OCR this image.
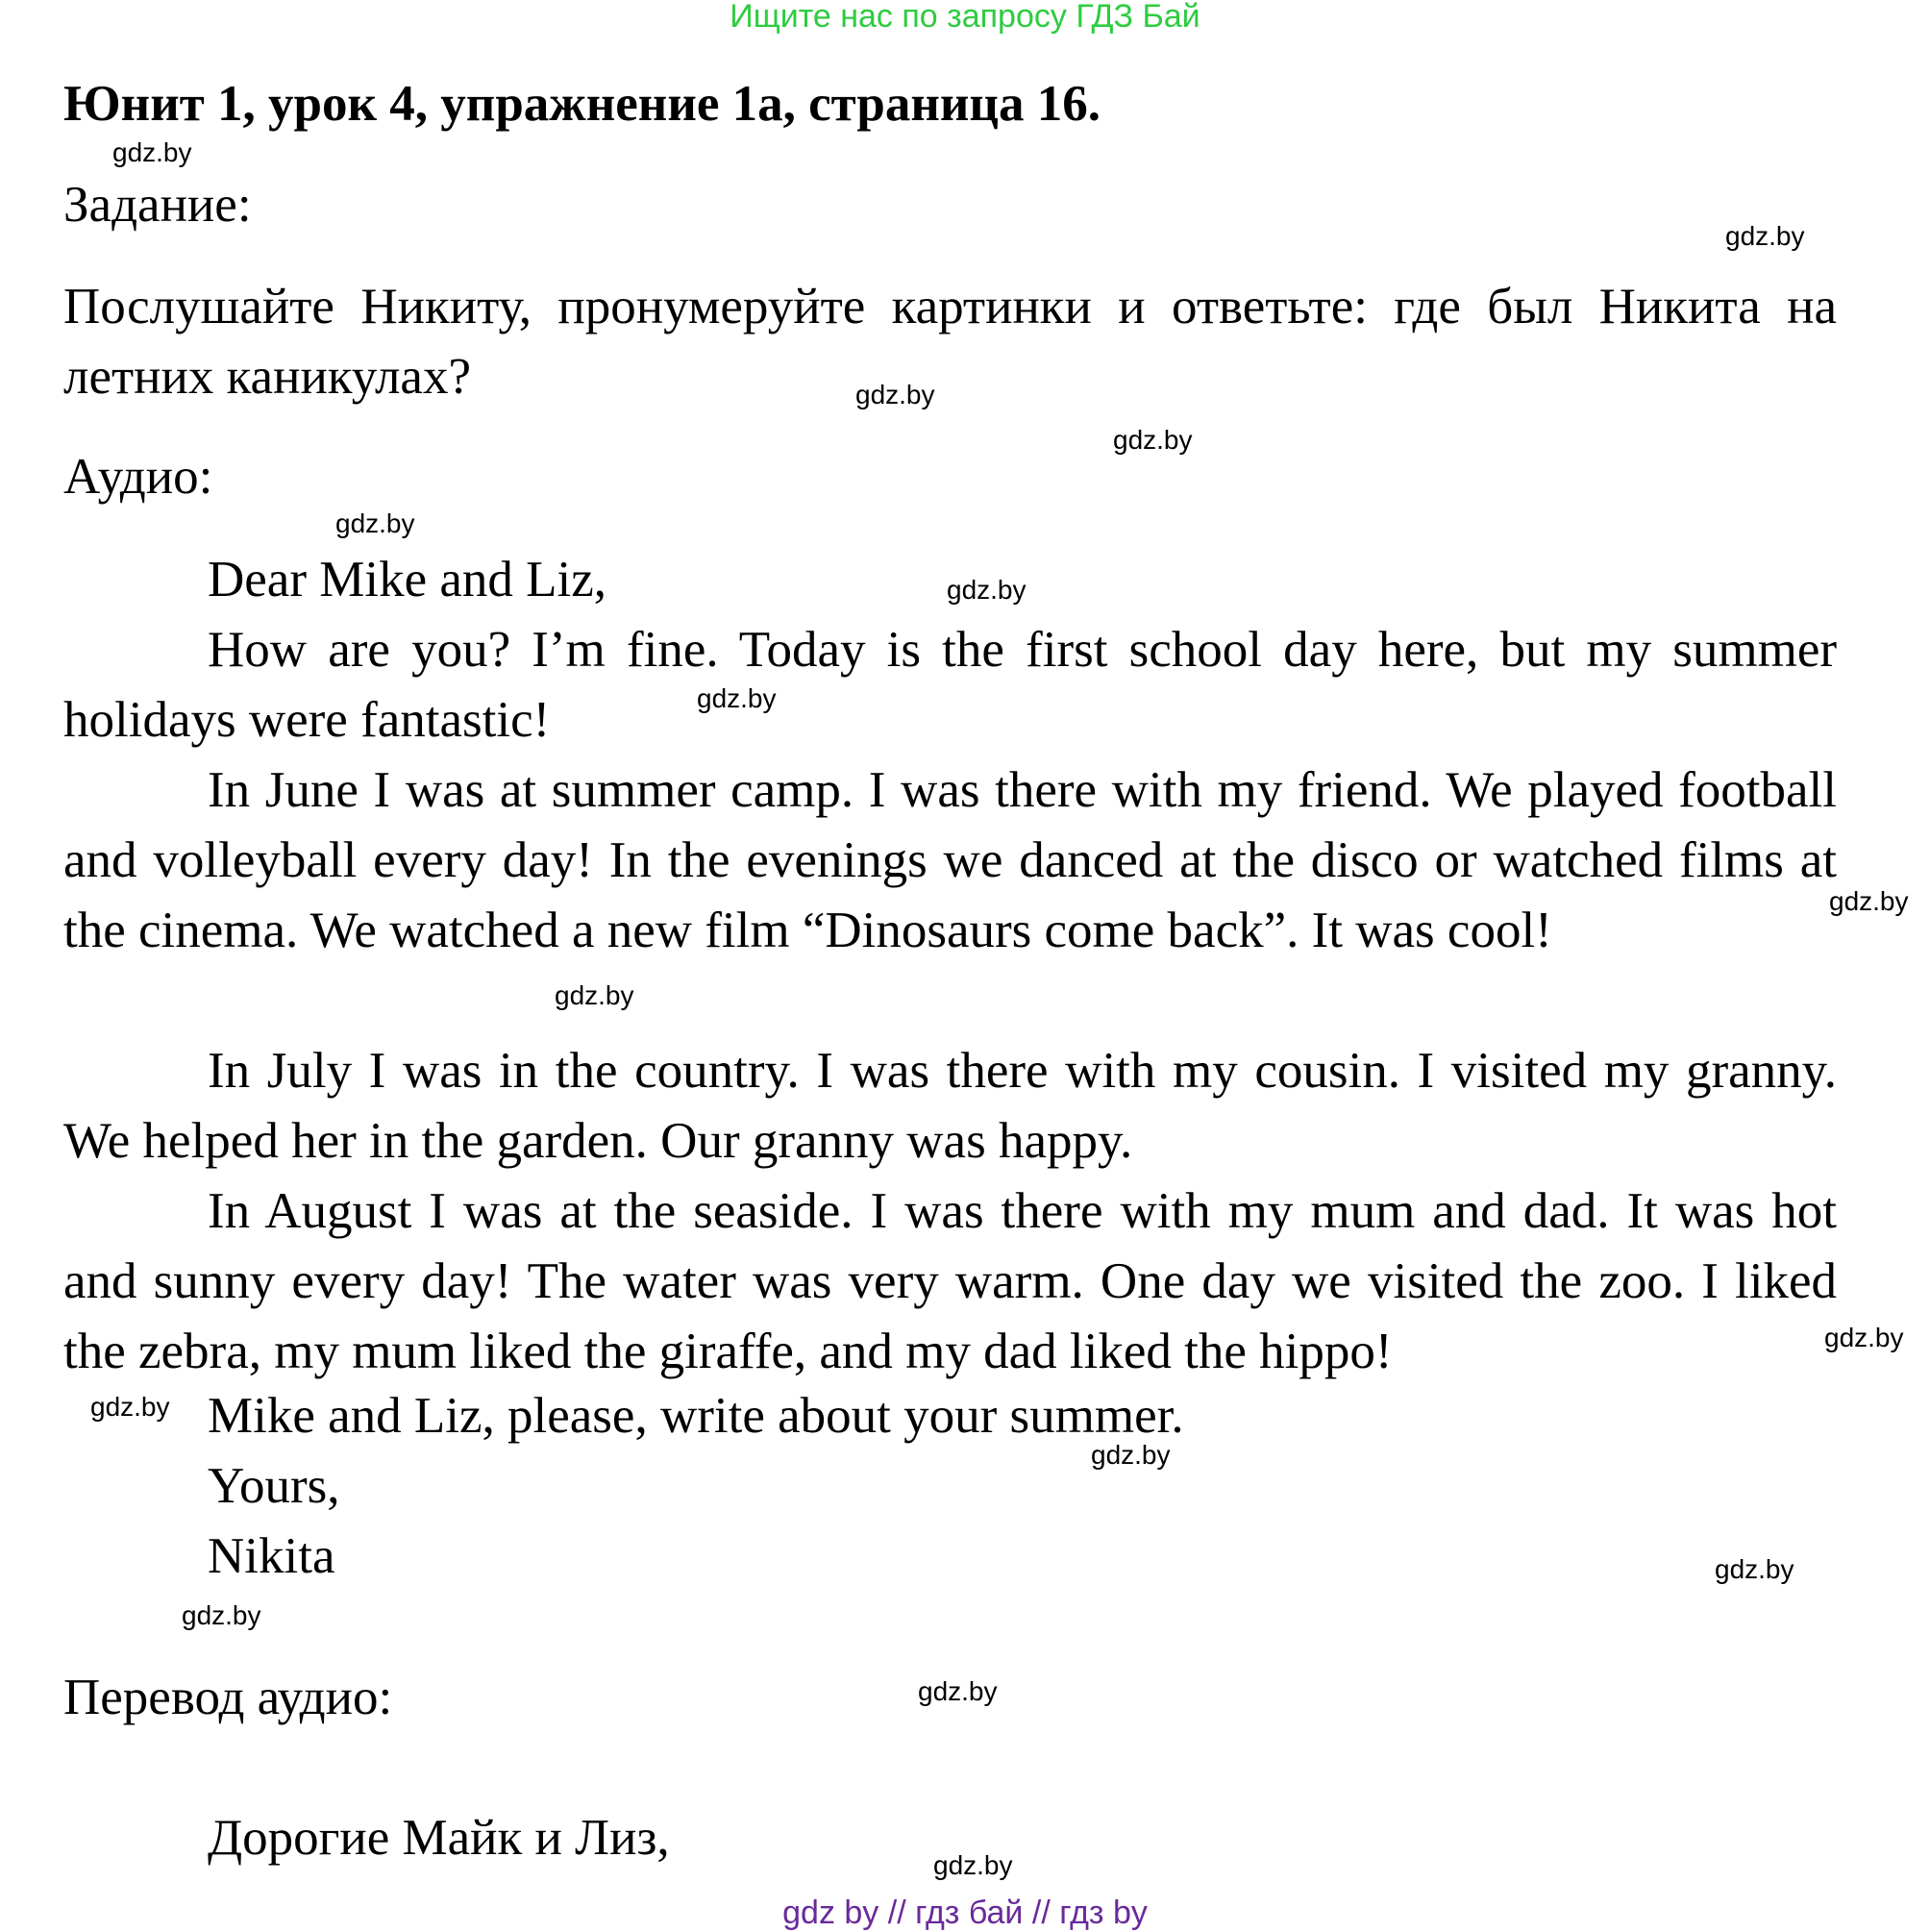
Ищите нас по запросу ГДЗ Бай
Юнит 1, урок 4, упражнение 1а, страница 16.
Задание:

Послушайте Никиту, пронумеруйте картинки и ответьте: где был Никита на летних каникулах?

Аудио:
Dear Mike and Liz,

How are you? I’m fine. Today is the first school day here, but my summer holidays were fantastic!

In June I was at summer camp. I was there with my friend. We played football and volleyball every day! In the evenings we danced at the disco or watched films at the cinema. We watched a new film “Dinosaurs come back”. It was cool!

In July I was in the country. I was there with my cousin. I visited my granny. We helped her in the garden. Our granny was happy.

In August I was at the seaside. I was there with my mum and dad. It was hot and sunny every day! The water was very warm. One day we visited the zoo. I liked the zebra, my mum liked the giraffe, and my dad liked the hippo!

Mike and Liz, please, write about your summer.
Yours,
Nikita
Перевод аудио:
Дорогие Майк и Лиз,
gdz.by
gdz.by
gdz.by
gdz.by
gdz.by
gdz.by
gdz.by
gdz.by
gdz.by
gdz.by
gdz.by
gdz.by
gdz.by
gdz.by
gdz.by
gdz.by
gdz by // гдз бай // гдз by
